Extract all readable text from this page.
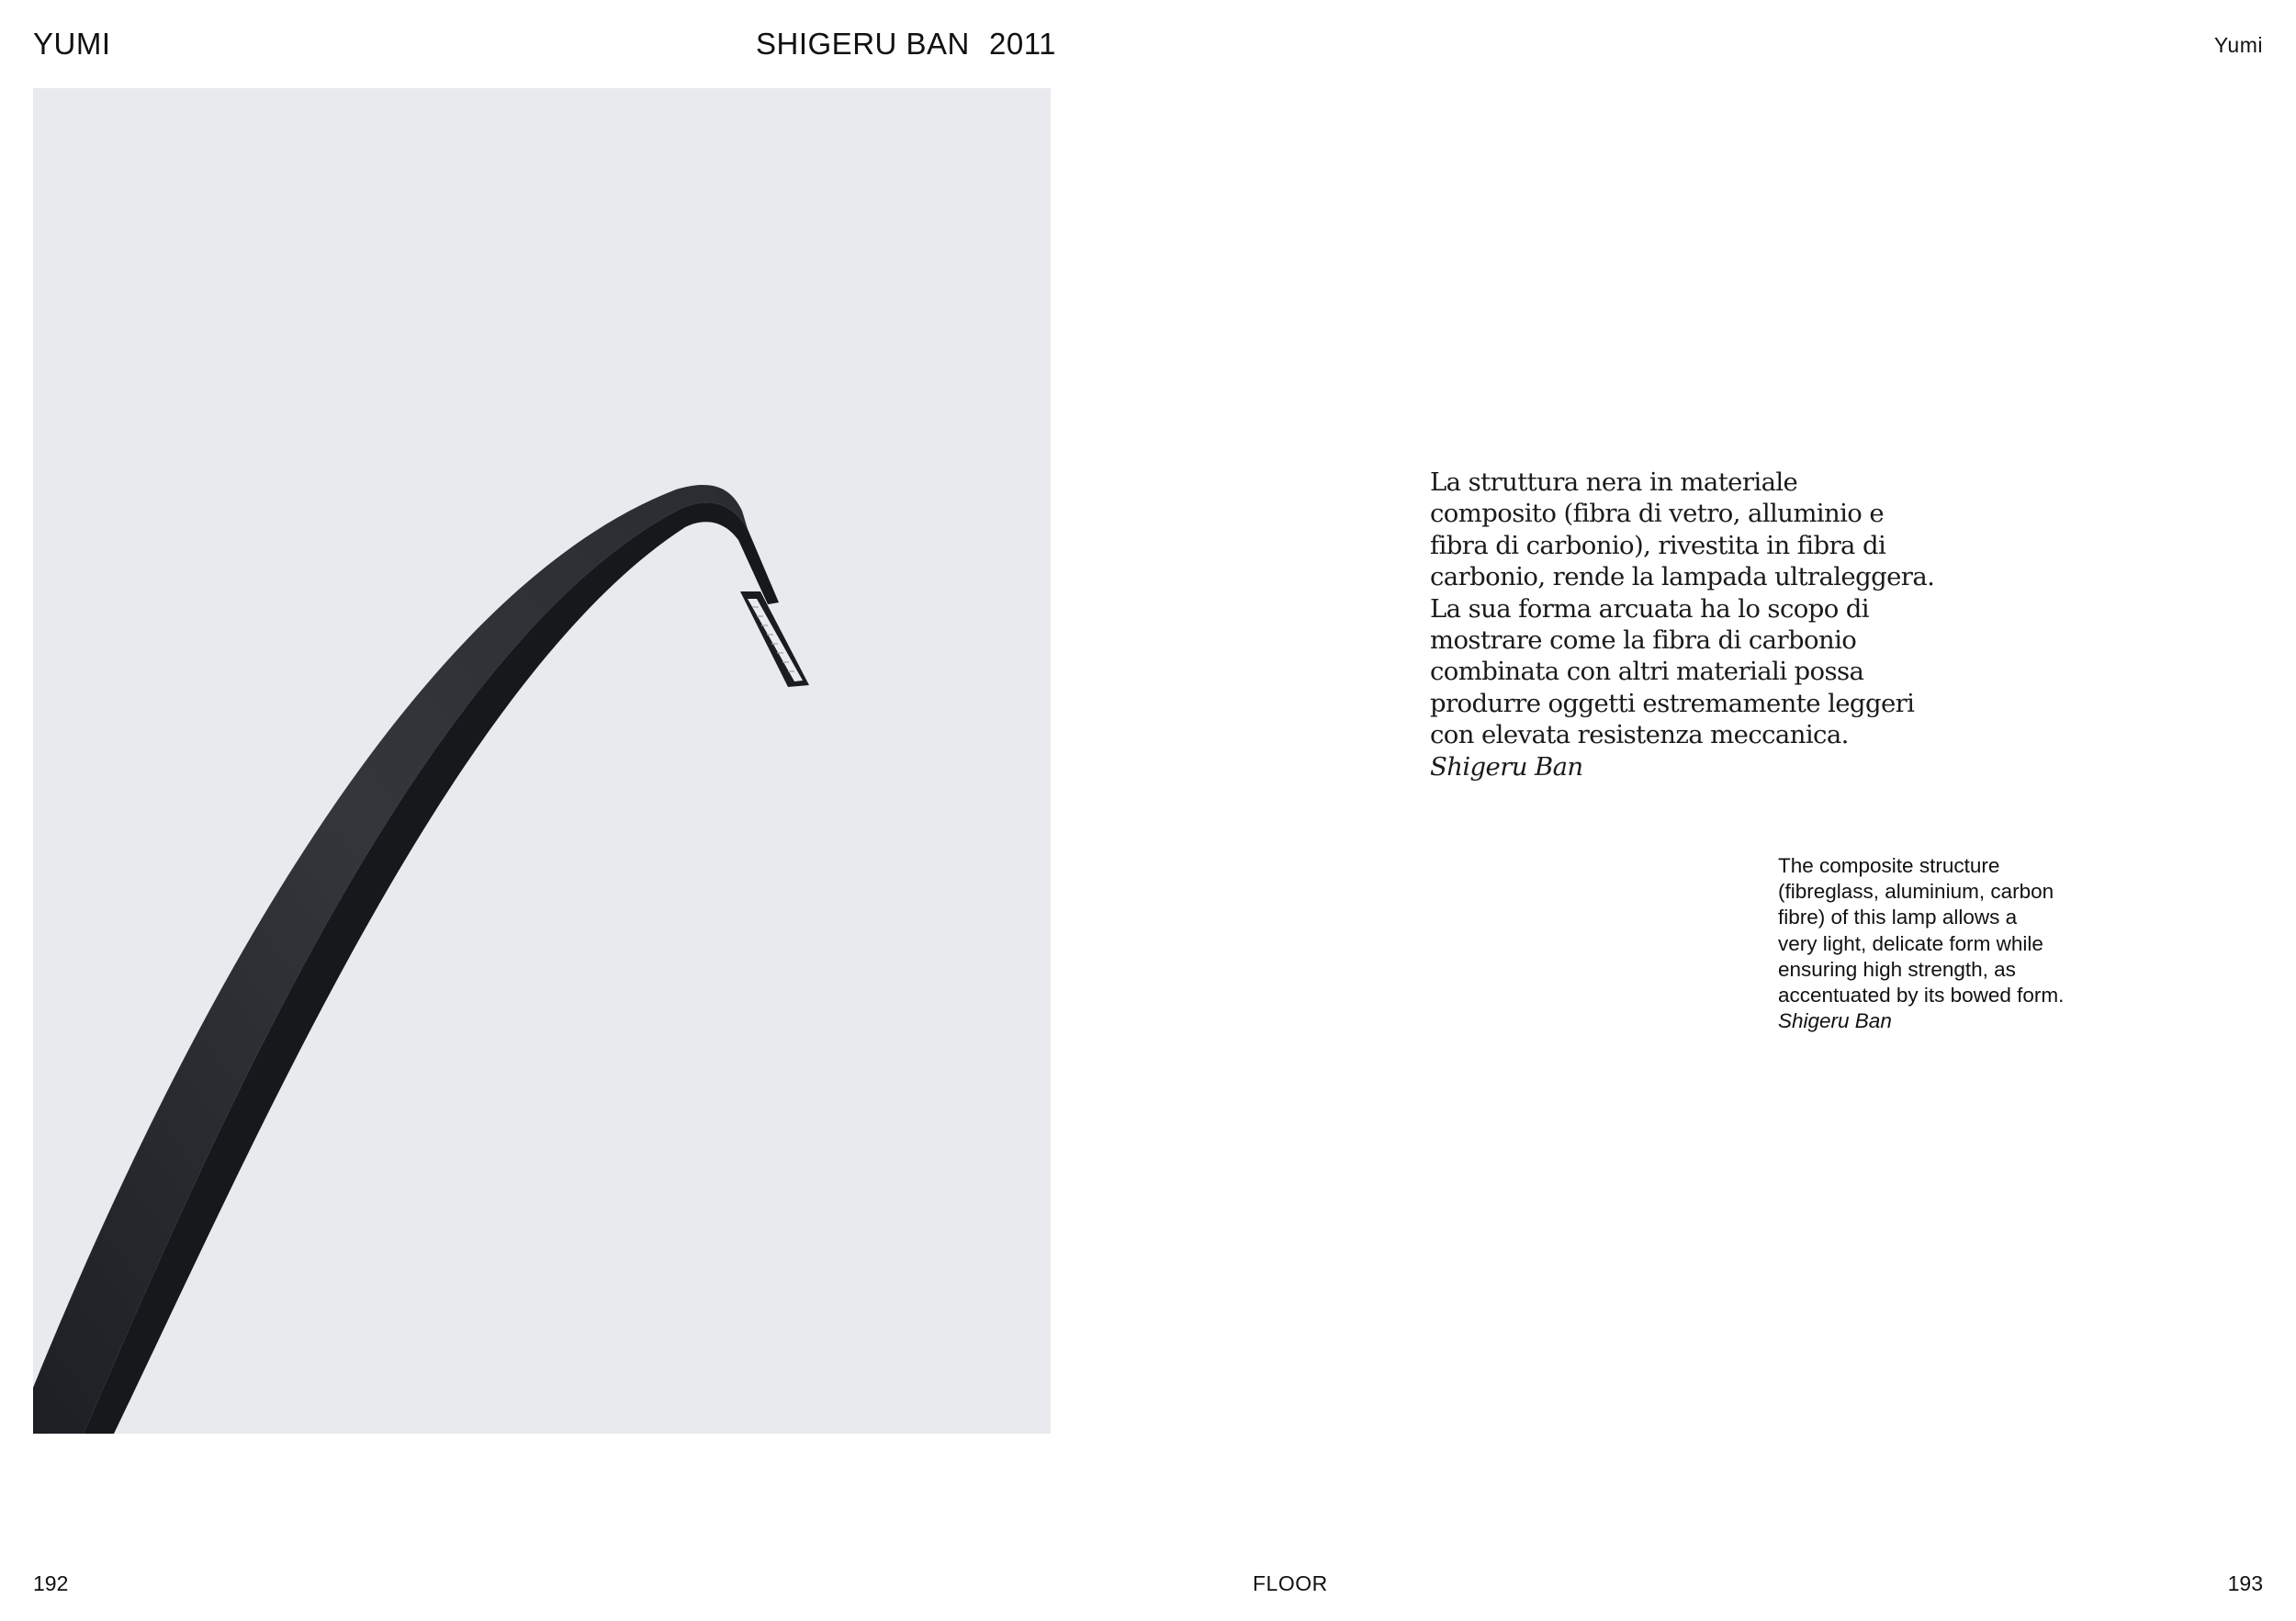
YUMI	SHIGERU BAN 2011
192
Yumi
La struttura nera in materiale
composito (fibra di vetro, alluminio e
fibra di carbonio), rivestita in fibra di
carbonio, rende la lampada ultraleggera.
La sua forma arcuata ha lo scopo di
mostrare come la fibra di carbonio
combinata con altri materiali possa
produrre oggetti estremamente leggeri
con elevata resistenza meccanica.
Shigeru Ban
The composite structure
(fibreglass, aluminium, carbon
fibre) of this lamp allows a
very light, delicate form while
ensuring high strength, as
accentuated by its bowed form.
Shigeru Ban
193
FLOOR
